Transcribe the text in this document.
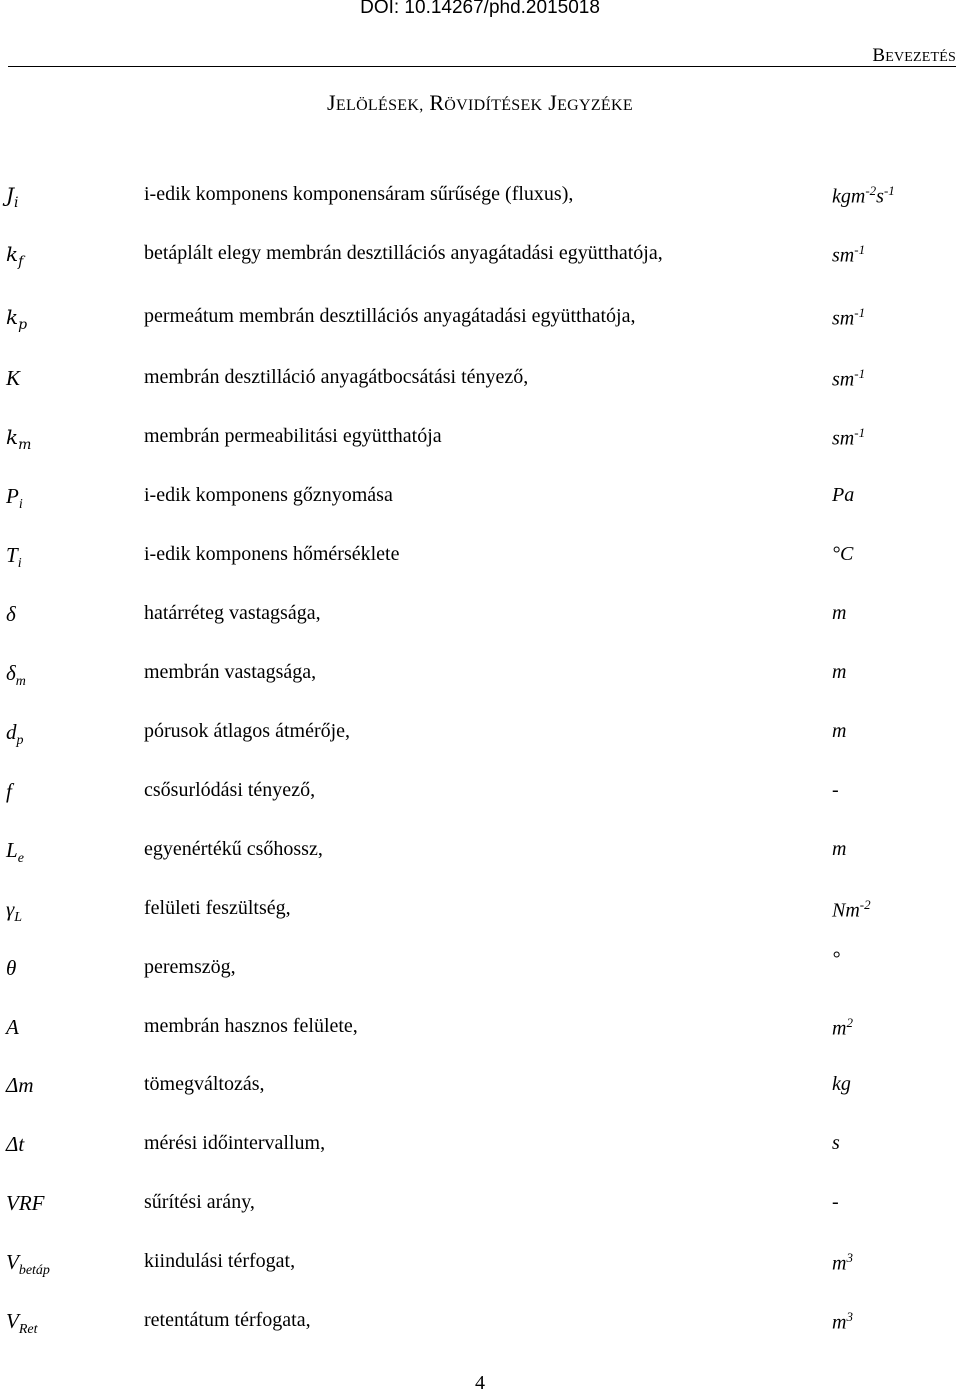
DOI: 10.14267/phd.2015018
BEVEZETÉS
JELÖLÉSEK, RÖVIDÍTÉSEK JEGYZÉKE
$J_i$	i-edik komponens komponensáram sűrűsége (fluxus),	$kgm^{-2}s^{-1}$
$k_f$	betáplált elegy membrán desztillációs anyagátadási együtthatója,	$sm^{-1}$
$k_p$	permeátum membrán desztillációs anyagátadási együtthatója,	$sm^{-1}$
K	membrán desztilláció anyagátbocsátási tényező,	$sm^{-1}$
$k_m$	membrán permeabilitási együtthatója	$sm^{-1}$
$P_i$	i-edik komponens gőznyomása	Pa
$T_i$	i-edik komponens hőmérséklete	°C
δ	határréteg vastagsága,	m
$\delta_m$	membrán vastagsága,	m
$d_p$	pórusok átlagos átmérője,	m
f	csősurlódási tényező,	-
$L_e$	egyenértékű csőhossz,	m
$\gamma_L$	felületi feszültség,	$Nm^{-2}$
θ	peremszög,	°
A	membrán hasznos felülete,	$m^2$
Δm	tömegváltozás,	kg
Δt	mérési időintervallum,	s
VRF	sűrítési arány,	-
$V_{betáp}$	kiindulási térfogat,	$m^3$
$V_{Ret}$	retentátum térfogata,	$m^3$
4
